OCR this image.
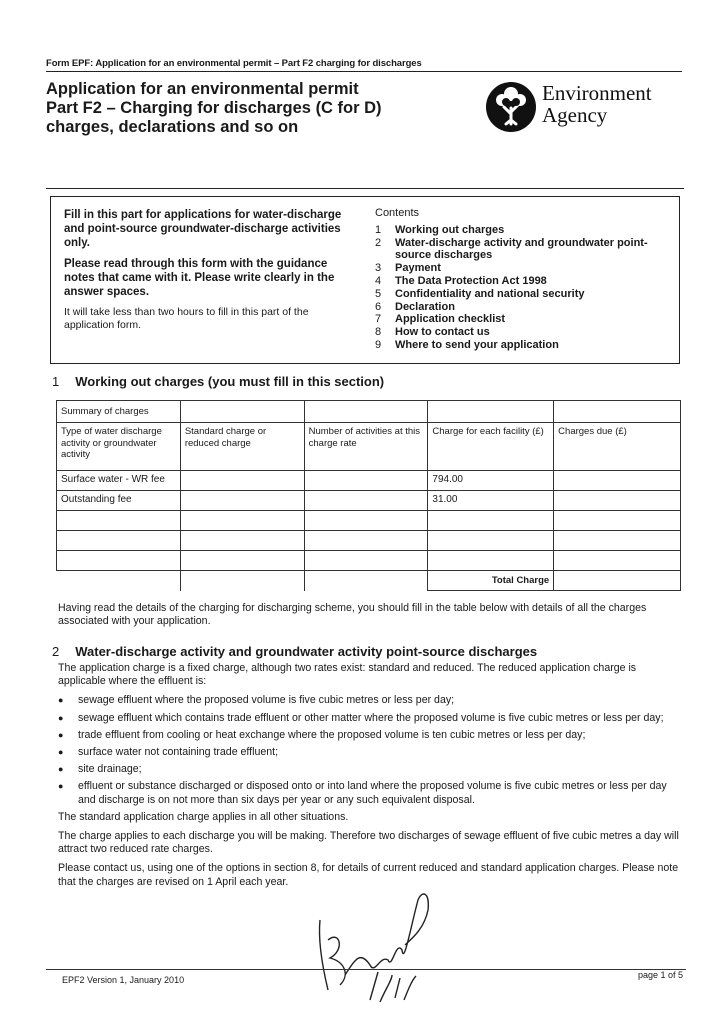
Form EPF: Application for an environmental permit – Part F2 charging for discharges
Application for an environmental permit
Part F2 – Charging for discharges (C for D)
charges, declarations and so on
Environment
Agency

Fill in this part for applications for water-discharge and point-source groundwater-discharge activities only.

Please read through this form with the guidance notes that came with it. Please write clearly in the answer spaces.

It will take less than two hours to fill in this part of the application form.

Contents
1	Working out charges
2	Water-discharge activity and groundwater point-source discharges
3	Payment
4	The Data Protection Act 1998
5	Confidentiality and national security
6	Declaration
7	Application checklist
8	How to contact us
9	Where to send your application
1 Working out charges (you must fill in this section)
Summary of charges				
Type of water discharge activity or groundwater activity	Standard charge or reduced charge	Number of activities at this charge rate	Charge for each facility (£)	Charges due (£)
Surface water - WR fee			794.00	
Outstanding fee			31.00	

			Total Charge	
Having read the details of the charging for discharging scheme, you should fill in the table below with details of all the charges associated with your application.
2 Water-discharge activity and groundwater activity point-source discharges
The application charge is a fixed charge, although two rates exist: standard and reduced. The reduced application charge is applicable where the effluent is:
● sewage effluent where the proposed volume is five cubic metres or less per day;
● sewage effluent which contains trade effluent or other matter where the proposed volume is five cubic metres or less per day;
● trade effluent from cooling or heat exchange where the proposed volume is ten cubic metres or less per day;
● surface water not containing trade effluent;
● site drainage;
● effluent or substance discharged or disposed onto or into land where the proposed volume is five cubic metres or less per day and discharge is on not more than six days per year or any such equivalent disposal.
The standard application charge applies in all other situations.
The charge applies to each discharge you will be making. Therefore two discharges of sewage effluent of five cubic metres a day will attract two reduced rate charges.
Please contact us, using one of the options in section 8, for details of current reduced and standard application charges. Please note that the charges are revised on 1 April each year.
EPF2 Version 1, January 2010	page 1 of 5
